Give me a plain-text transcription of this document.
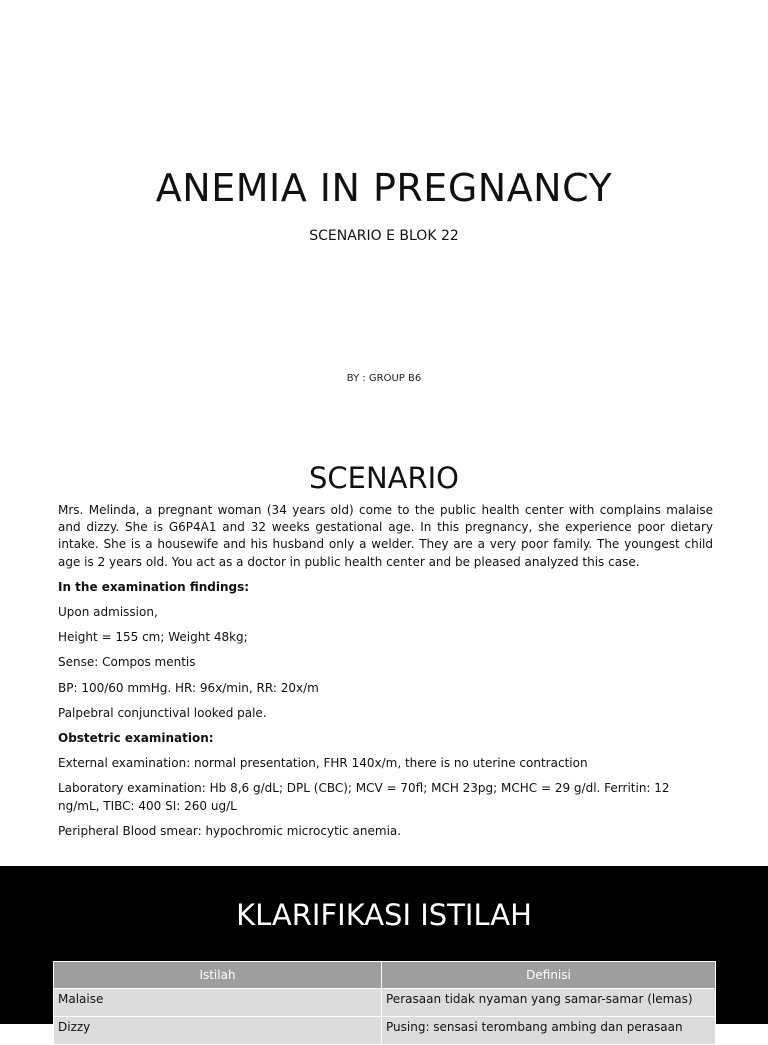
ANEMIA IN PREGNANCY
SCENARIO E BLOK 22
BY : GROUP B6
SCENARIO

Mrs. Melinda, a pregnant woman (34 years old) come to the public health center with complains malaise and dizzy. She is G6P4A1 and 32 weeks gestational age. In this pregnancy, she experience poor dietary intake. She is a housewife and his husband only a welder. They are a very poor family. The youngest child age is 2 years old. You act as a doctor in public health center and be pleased analyzed this case.

In the examination findings:

Upon admission,

Height = 155 cm; Weight 48kg;

Sense: Compos mentis

BP: 100/60 mmHg. HR: 96x/min, RR: 20x/m

Palpebral conjunctival looked pale.

Obstetric examination:

External examination: normal presentation, FHR 140x/m, there is no uterine contraction

Laboratory examination: Hb 8,6 g/dL; DPL (CBC); MCV = 70fl; MCH 23pg; MCHC = 29 g/dl. Ferritin: 12 ng/mL, TIBC: 400 SI: 260 ug/L

Peripheral Blood smear: hypochromic microcytic anemia.

KLARIFIKASI ISTILAH
Istilah	Definisi
Malaise	Perasaan tidak nyaman yang samar-samar (lemas)
Dizzy	Pusing: sensasi terombang ambing dan perasaan
